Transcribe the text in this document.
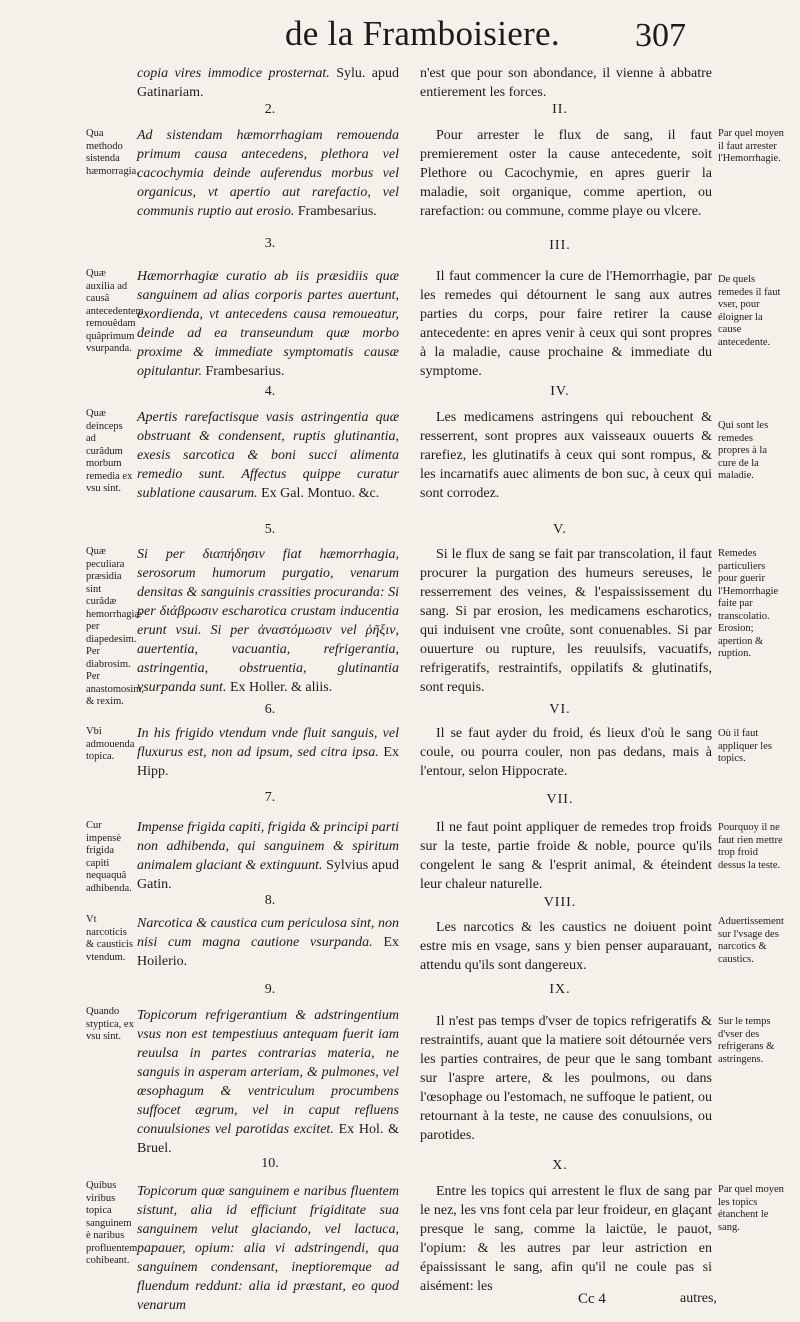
de la Framboisiere. 307
copia vires immodice prosternat. Sylu. apud Gatinariam.
2.
Ad sistendam hæmorrhagiam remouenda primum causa antecedens, plethora vel cacochymia deinde auferendus morbus vel organicus, vt apertio aut rarefactio, vel communis ruptio aut erosio. Frambesarius.
3.
Hæmorrhagiæ curatio ab iis præsidiis quæ sanguinem ad alias corporis partes auertunt, exordienda, vt antecedens causa remoueatur, deinde ad ea transeundum quæ morbo proxime & immediate symptomatis causæ opitulantur. Frambesarius.
4.
Apertis rarefactisque vasis astringentia quæ obstruant & condensent, ruptis glutinantia, exesis sarcotica & boni succi alimenta remedio sunt. Affectus quippe curatur sublatione causarum. Ex Gal. Montuo. &c.
5.
Si per διαπήδησιν fiat hæmorrhagia, serosorum humorum purgatio, venarum densitas & sanguinis crassities procuranda: Si per διάβρωσιν escharotica crustam inducentia erunt vsui. Si per ἀναστόμωσιν vel ῥῆξιν, auertentia, vacuantia, refrigerantia, astringentia, obstruentia, glutinantia vsurpanda sunt. Ex Holler. & aliis.
6.
In his frigido vtendum vnde fluit sanguis, vel fluxurus est, non ad ipsum, sed citra ipsa. Ex Hipp.
7.
Impense frigida capiti, frigida & principi parti non adhibenda, qui sanguinem & spiritum animalem glaciant & extinguunt. Sylvius apud Gatin.
8.
Narcotica & caustica cum periculosa sint, non nisi cum magna cautione vsurpanda. Ex Hoilerio.
9.
Topicorum refrigerantium & adstringentium vsus non est tempestiuus antequam fuerit iam reuulsa in partes contrarias materia, ne sanguis in asperam arteriam, & pulmones, vel œsophagum & ventriculum procumbens suffocet ægrum, vel in caput refluens conuulsiones vel parotidas excitet. Ex Hol. & Bruel.
10.
Topicorum quæ sanguinem e naribus fluentem sistunt, alia id efficiunt frigiditate sua sanguinem velut glaciando, vel lactuca, papauer, opium: alia vi adstringendi, qua sanguinem condensant, ineptioremque ad fluendum reddunt: alia id præstant, eo quod venarum
n'est que pour son abondance, il vienne à abbatre entierement les forces.
II.
Pour arrester le flux de sang, il faut premierement oster la cause antecedente, soit Plethore ou Cacochymie, en apres guerir la maladie, soit organique, comme apertion, ou rarefaction: ou commune, comme playe ou vlcere.
III.
Il faut commencer la cure de l'Hemorrhagie, par les remedes qui détournent le sang aux autres parties du corps, pour faire retirer la cause antecedente: en apres venir à ceux qui sont propres à la maladie, cause prochaine & immediate du symptome.
IV.
Les medicamens astringens qui rebouchent & resserrent, sont propres aux vaisseaux ouuerts & rarefiez, les glutinatifs à ceux qui sont rompus, & les incarnatifs auec aliments de bon suc, à ceux qui sont corrodez.
V.
Si le flux de sang se fait par transcolation, il faut procurer la purgation des humeurs sereuses, le resserrement des veines, & l'espaississement du sang. Si par erosion, les medicamens escharotics, qui induisent vne croûte, sont conuenables. Si par ouuerture ou rupture, les reuulsifs, vacuatifs, refrigeratifs, restraintifs, oppilatifs & glutinatifs, sont requis.
VI.
Il se faut ayder du froid, és lieux d'où le sang coule, ou pourra couler, non pas dedans, mais à l'entour, selon Hippocrate.
VII.
Il ne faut point appliquer de remedes trop froids sur la teste, partie froide & noble, pource qu'ils congelent le sang & l'esprit animal, & éteindent leur chaleur naturelle.
VIII.
Les narcotics & les caustics ne doiuent point estre mis en vsage, sans y bien penser auparauant, attendu qu'ils sont dangereux.
IX.
Il n'est pas temps d'vser de topics refrigeratifs & restraintifs, auant que la matiere soit détournée vers les parties contraires, de peur que le sang tombant sur l'aspre artere, & les poulmons, ou dans l'œsophage ou l'estomach, ne suffoque le patient, ou retournant à la teste, ne cause des conuulsions, ou parotides.
X.
Entre les topics qui arrestent le flux de sang par le nez, les vns font cela par leur froideur, en glaçant presque le sang, comme la laictüe, le pauot, l'opium: & les autres par leur astriction en épaississant le sang, afin qu'il ne coule pas si aisément: les
Qua methodo sistenda hæmorragia.
Quæ auxilia ad causâ antecedentem remouêdam quâprimum vsurpanda.
Quæ deinceps ad curâdum morbum remedia ex vsu sint.
Quæ peculiara præsidia sint curâdæ hemorrhagiæ per diapedesim. Per diabrosim. Per anastomosim, & rexim.
Vbi admouenda topica.
Cur impensè frigida capiti nequaquâ adhibenda.
Vt narcoticis & causticis vtendum.
Quando styptica, ex vsu sint.
Quibus viribus topica sanguinem è naribus profluentem cohibeant.
Par quel moyen il faut arrester l'Hemorrhagie.
De quels remedes il faut vser, pour éloigner la cause antecedente.
Qui sont les remedes propres à la cure de la maladie.
Remedes particuliers pour guerir l'Hemorrhagie faite par transcolatio. Erosion; apertion & ruption.
Où il faut appliquer les topics.
Pourquoy il ne faut rien mettre trop froid dessus la teste.
Aduertissement sur l'vsage des narcotics & caustics.
Sur le temps d'vser des refrigerans & astringens.
Par quel moyen les topics étanchent le sang.
Cc 4	autres,
